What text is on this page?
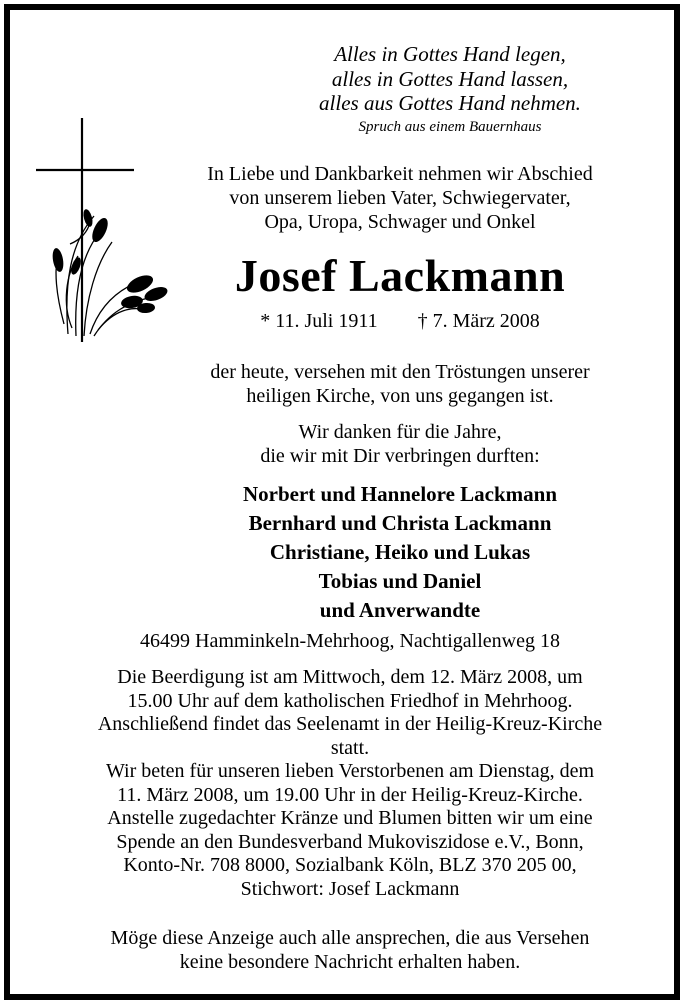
Alles in Gottes Hand legen,
alles in Gottes Hand lassen,
alles aus Gottes Hand nehmen.
Spruch aus einem Bauernhaus
In Liebe und Dankbarkeit nehmen wir Abschied
von unserem lieben Vater, Schwiegervater,
Opa, Uropa, Schwager und Onkel
Josef Lackmann
* 11. Juli 1911 † 7. März 2008
der heute, versehen mit den Tröstungen unserer
heiligen Kirche, von uns gegangen ist.
Wir danken für die Jahre,
die wir mit Dir verbringen durften:
Norbert und Hannelore Lackmann
Bernhard und Christa Lackmann
Christiane, Heiko und Lukas
Tobias und Daniel
und Anverwandte
46499 Hamminkeln-Mehrhoog, Nachtigallenweg 18
Die Beerdigung ist am Mittwoch, dem 12. März 2008, um
15.00 Uhr auf dem katholischen Friedhof in Mehrhoog.
Anschließend findet das Seelenamt in der Heilig-Kreuz-Kirche
statt.
Wir beten für unseren lieben Verstorbenen am Dienstag, dem
11. März 2008, um 19.00 Uhr in der Heilig-Kreuz-Kirche.
Anstelle zugedachter Kränze und Blumen bitten wir um eine
Spende an den Bundesverband Mukoviszidose e.V., Bonn,
Konto-Nr. 708 8000, Sozialbank Köln, BLZ 370 205 00,
Stichwort: Josef Lackmann
Möge diese Anzeige auch alle ansprechen, die aus Versehen
keine besondere Nachricht erhalten haben.
